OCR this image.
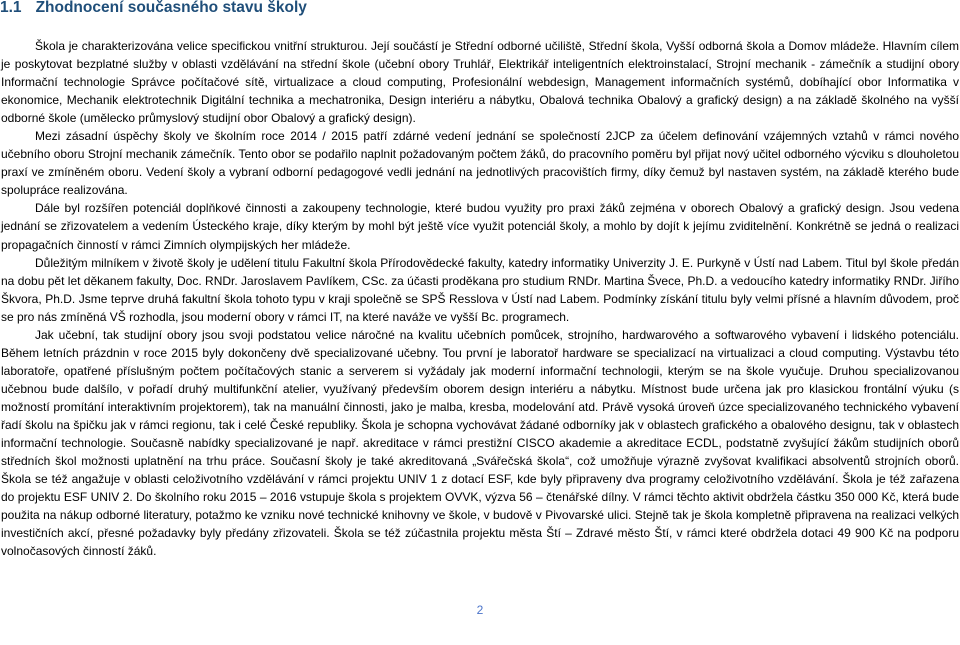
1.1 Zhodnocení současného stavu školy

Škola je charakterizována velice specifickou vnitřní strukturou. Její součástí je Střední odborné učiliště, Střední škola, Vyšší odborná škola a Domov mládeže. Hlavním cílem je poskytovat bezplatné služby v oblasti vzdělávání na střední škole (učební obory Truhlář, Elektrikář inteligentních elektroinstalací, Strojní mechanik - zámečník a studijní obory Informační technologie Správce počítačové sítě, virtualizace a cloud computing, Profesionální webdesign, Management informačních systémů, dobíhající obor Informatika v ekonomice, Mechanik elektrotechnik Digitální technika a mechatronika, Design interiéru a nábytku, Obalová technika Obalový a grafický design) a na základě školného na vyšší odborné škole (umělecko průmyslový studijní obor Obalový a grafický design).

Mezi zásadní úspěchy školy ve školním roce 2014 / 2015 patří zdárné vedení jednání se společností 2JCP za účelem definování vzájemných vztahů v rámci nového učebního oboru Strojní mechanik zámečník. Tento obor se podařilo naplnit požadovaným počtem žáků, do pracovního poměru byl přijat nový učitel odborného výcviku s dlouholetou praxí ve zmíněném oboru. Vedení školy a vybraní odborní pedagogové vedli jednání na jednotlivých pracovištích firmy, díky čemuž byl nastaven systém, na základě kterého bude spolupráce realizována.

Dále byl rozšířen potenciál doplňkové činnosti a zakoupeny technologie, které budou využity pro praxi žáků zejména v oborech Obalový a grafický design. Jsou vedena jednání se zřizovatelem a vedením Ústeckého kraje, díky kterým by mohl být ještě více využit potenciál školy, a mohlo by dojít k jejímu zviditelnění. Konkrétně se jedná o realizaci propagačních činností v rámci Zimních olympijských her mládeže.

Důležitým milníkem v životě školy je udělení titulu Fakultní škola Přírodovědecké fakulty, katedry informatiky Univerzity J. E. Purkyně v Ústí nad Labem. Titul byl škole předán na dobu pět let děkanem fakulty, Doc. RNDr. Jaroslavem Pavlíkem, CSc. za účasti proděkana pro studium RNDr. Martina Švece, Ph.D. a vedoucího katedry informatiky RNDr. Jiřího Škvora, Ph.D. Jsme teprve druhá fakultní škola tohoto typu v kraji společně se SPŠ Resslova v Ústí nad Labem. Podmínky získání titulu byly velmi přísné a hlavním důvodem, proč se pro nás zmíněná VŠ rozhodla, jsou moderní obory v rámci IT, na které navážе ve vyšší Bc. programech.

Jak učební, tak studijní obory jsou svoji podstatou velice náročné na kvalitu učebních pomůcek, strojního, hardwarového a softwarového vybavení i lidského potenciálu. Během letních prázdnin v roce 2015 byly dokončeny dvě specializované učebny. Tou první je laboratoř hardware se specializací na virtualizaci a cloud computing. Výstavbu této laboratoře, opatřené příslušným počtem počítačových stanic a serverem si vyžádaly jak moderní informační technologii, kterým se na škole vyučuje. Druhou specializovanou učebnou bude dalšílo, v pořadí druhý multifunkční atelier, využívaný především oborem design interiéru a nábytku. Místnost bude určena jak pro klasickou frontální výuku (s možností promítání interaktivním projektorem), tak na manuální činnosti, jako je malba, kresba, modelování atd. Právě vysoká úroveň úzce specializovaného technického vybavení řadí školu na špičku jak v rámci regionu, tak i celé České republiky. Škola je schopna vychovávat žádané odborníky jak v oblastech grafického a obalového designu, tak v oblastech informační technologie. Současně nabídky specializované je např. akreditace v rámci prestižní CISCO akademie a akreditace ECDL, podstatně zvyšující žákům studijních oborů středních škol možnosti uplatnění na trhu práce. Současní školy je také akreditovaná „Svářečská škola“, což umožňuje výrazně zvyšovat kvalifikaci absolventů strojních oborů. Škola se též angažuje v oblasti celoživotního vzdělávání v rámci projektu UNIV 1 z dotací ESF, kde byly připraveny dva programy celoživotního vzdělávání. Škola je též zařazena do projektu ESF UNIV 2. Do školního roku 2015 – 2016 vstupuje škola s projektem OVVK, výzva 56 – čtenářské dílny. V rámci těchto aktivit obdržela částku 350 000 Kč, která bude použita na nákup odborné literatury, potažmo ke vzniku nové technické knihovny ve škole, v budově v Pivovarské ulici. Stejně tak je škola kompletně připravena na realizaci velkých investičních akcí, přesné požadavky byly předány zřizovateli. Škola se též zúčastnila projektu města Ští – Zdravé město Ští, v rámci které obdržela dotaci 49 900 Kč na podporu volnočasových činností žáků.

2
